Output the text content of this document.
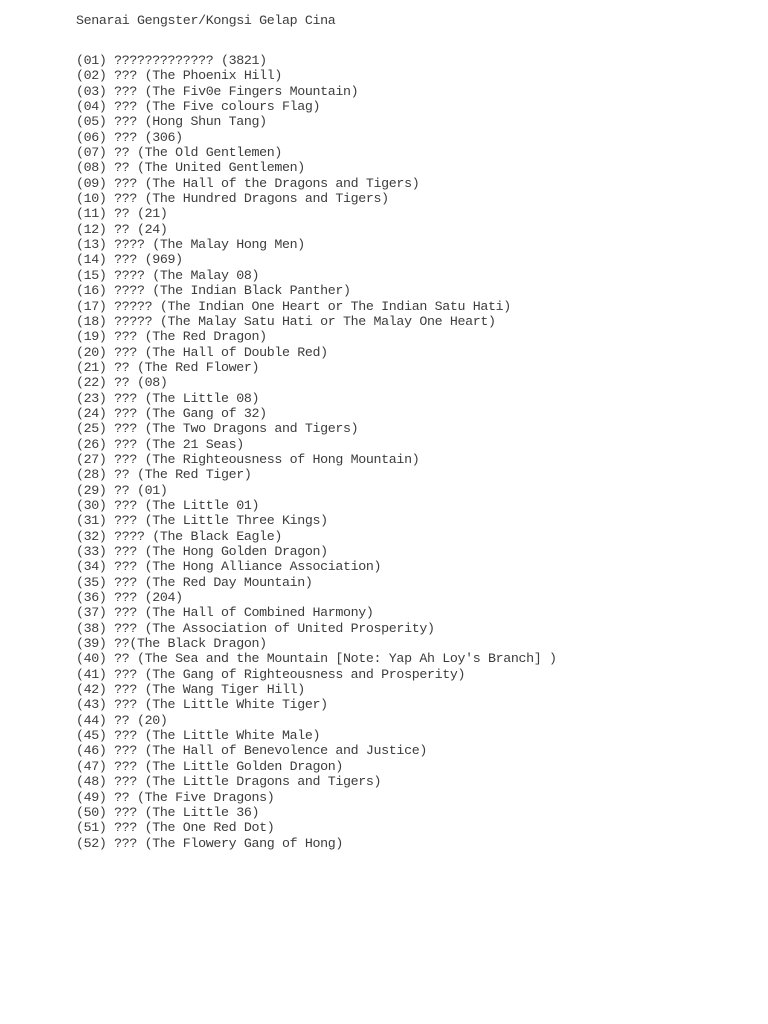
Senarai Gengster/Kongsi Gelap Cina
(01) ????????????? (3821)
(02) ??? (The Phoenix Hill)
(03) ??? (The Fiv0e Fingers Mountain)
(04) ??? (The Five colours Flag)
(05) ??? (Hong Shun Tang)
(06) ??? (306)
(07) ?? (The Old Gentlemen)
(08) ?? (The United Gentlemen)
(09) ??? (The Hall of the Dragons and Tigers)
(10) ??? (The Hundred Dragons and Tigers)
(11) ?? (21)
(12) ?? (24)
(13) ???? (The Malay Hong Men)
(14) ??? (969)
(15) ???? (The Malay 08)
(16) ???? (The Indian Black Panther)
(17) ????? (The Indian One Heart or The Indian Satu Hati)
(18) ????? (The Malay Satu Hati or The Malay One Heart)
(19) ??? (The Red Dragon)
(20) ??? (The Hall of Double Red)
(21) ?? (The Red Flower)
(22) ?? (08)
(23) ??? (The Little 08)
(24) ??? (The Gang of 32)
(25) ??? (The Two Dragons and Tigers)
(26) ??? (The 21 Seas)
(27) ??? (The Righteousness of Hong Mountain)
(28) ?? (The Red Tiger)
(29) ?? (01)
(30) ??? (The Little 01)
(31) ??? (The Little Three Kings)
(32) ???? (The Black Eagle)
(33) ??? (The Hong Golden Dragon)
(34) ??? (The Hong Alliance Association)
(35) ??? (The Red Day Mountain)
(36) ??? (204)
(37) ??? (The Hall of Combined Harmony)
(38) ??? (The Association of United Prosperity)
(39) ??(The Black Dragon)
(40) ?? (The Sea and the Mountain [Note: Yap Ah Loy's Branch] )
(41) ??? (The Gang of Righteousness and Prosperity)
(42) ??? (The Wang Tiger Hill)
(43) ??? (The Little White Tiger)
(44) ?? (20)
(45) ??? (The Little White Male)
(46) ??? (The Hall of Benevolence and Justice)
(47) ??? (The Little Golden Dragon)
(48) ??? (The Little Dragons and Tigers)
(49) ?? (The Five Dragons)
(50) ??? (The Little 36)
(51) ??? (The One Red Dot)
(52) ??? (The Flowery Gang of Hong)
